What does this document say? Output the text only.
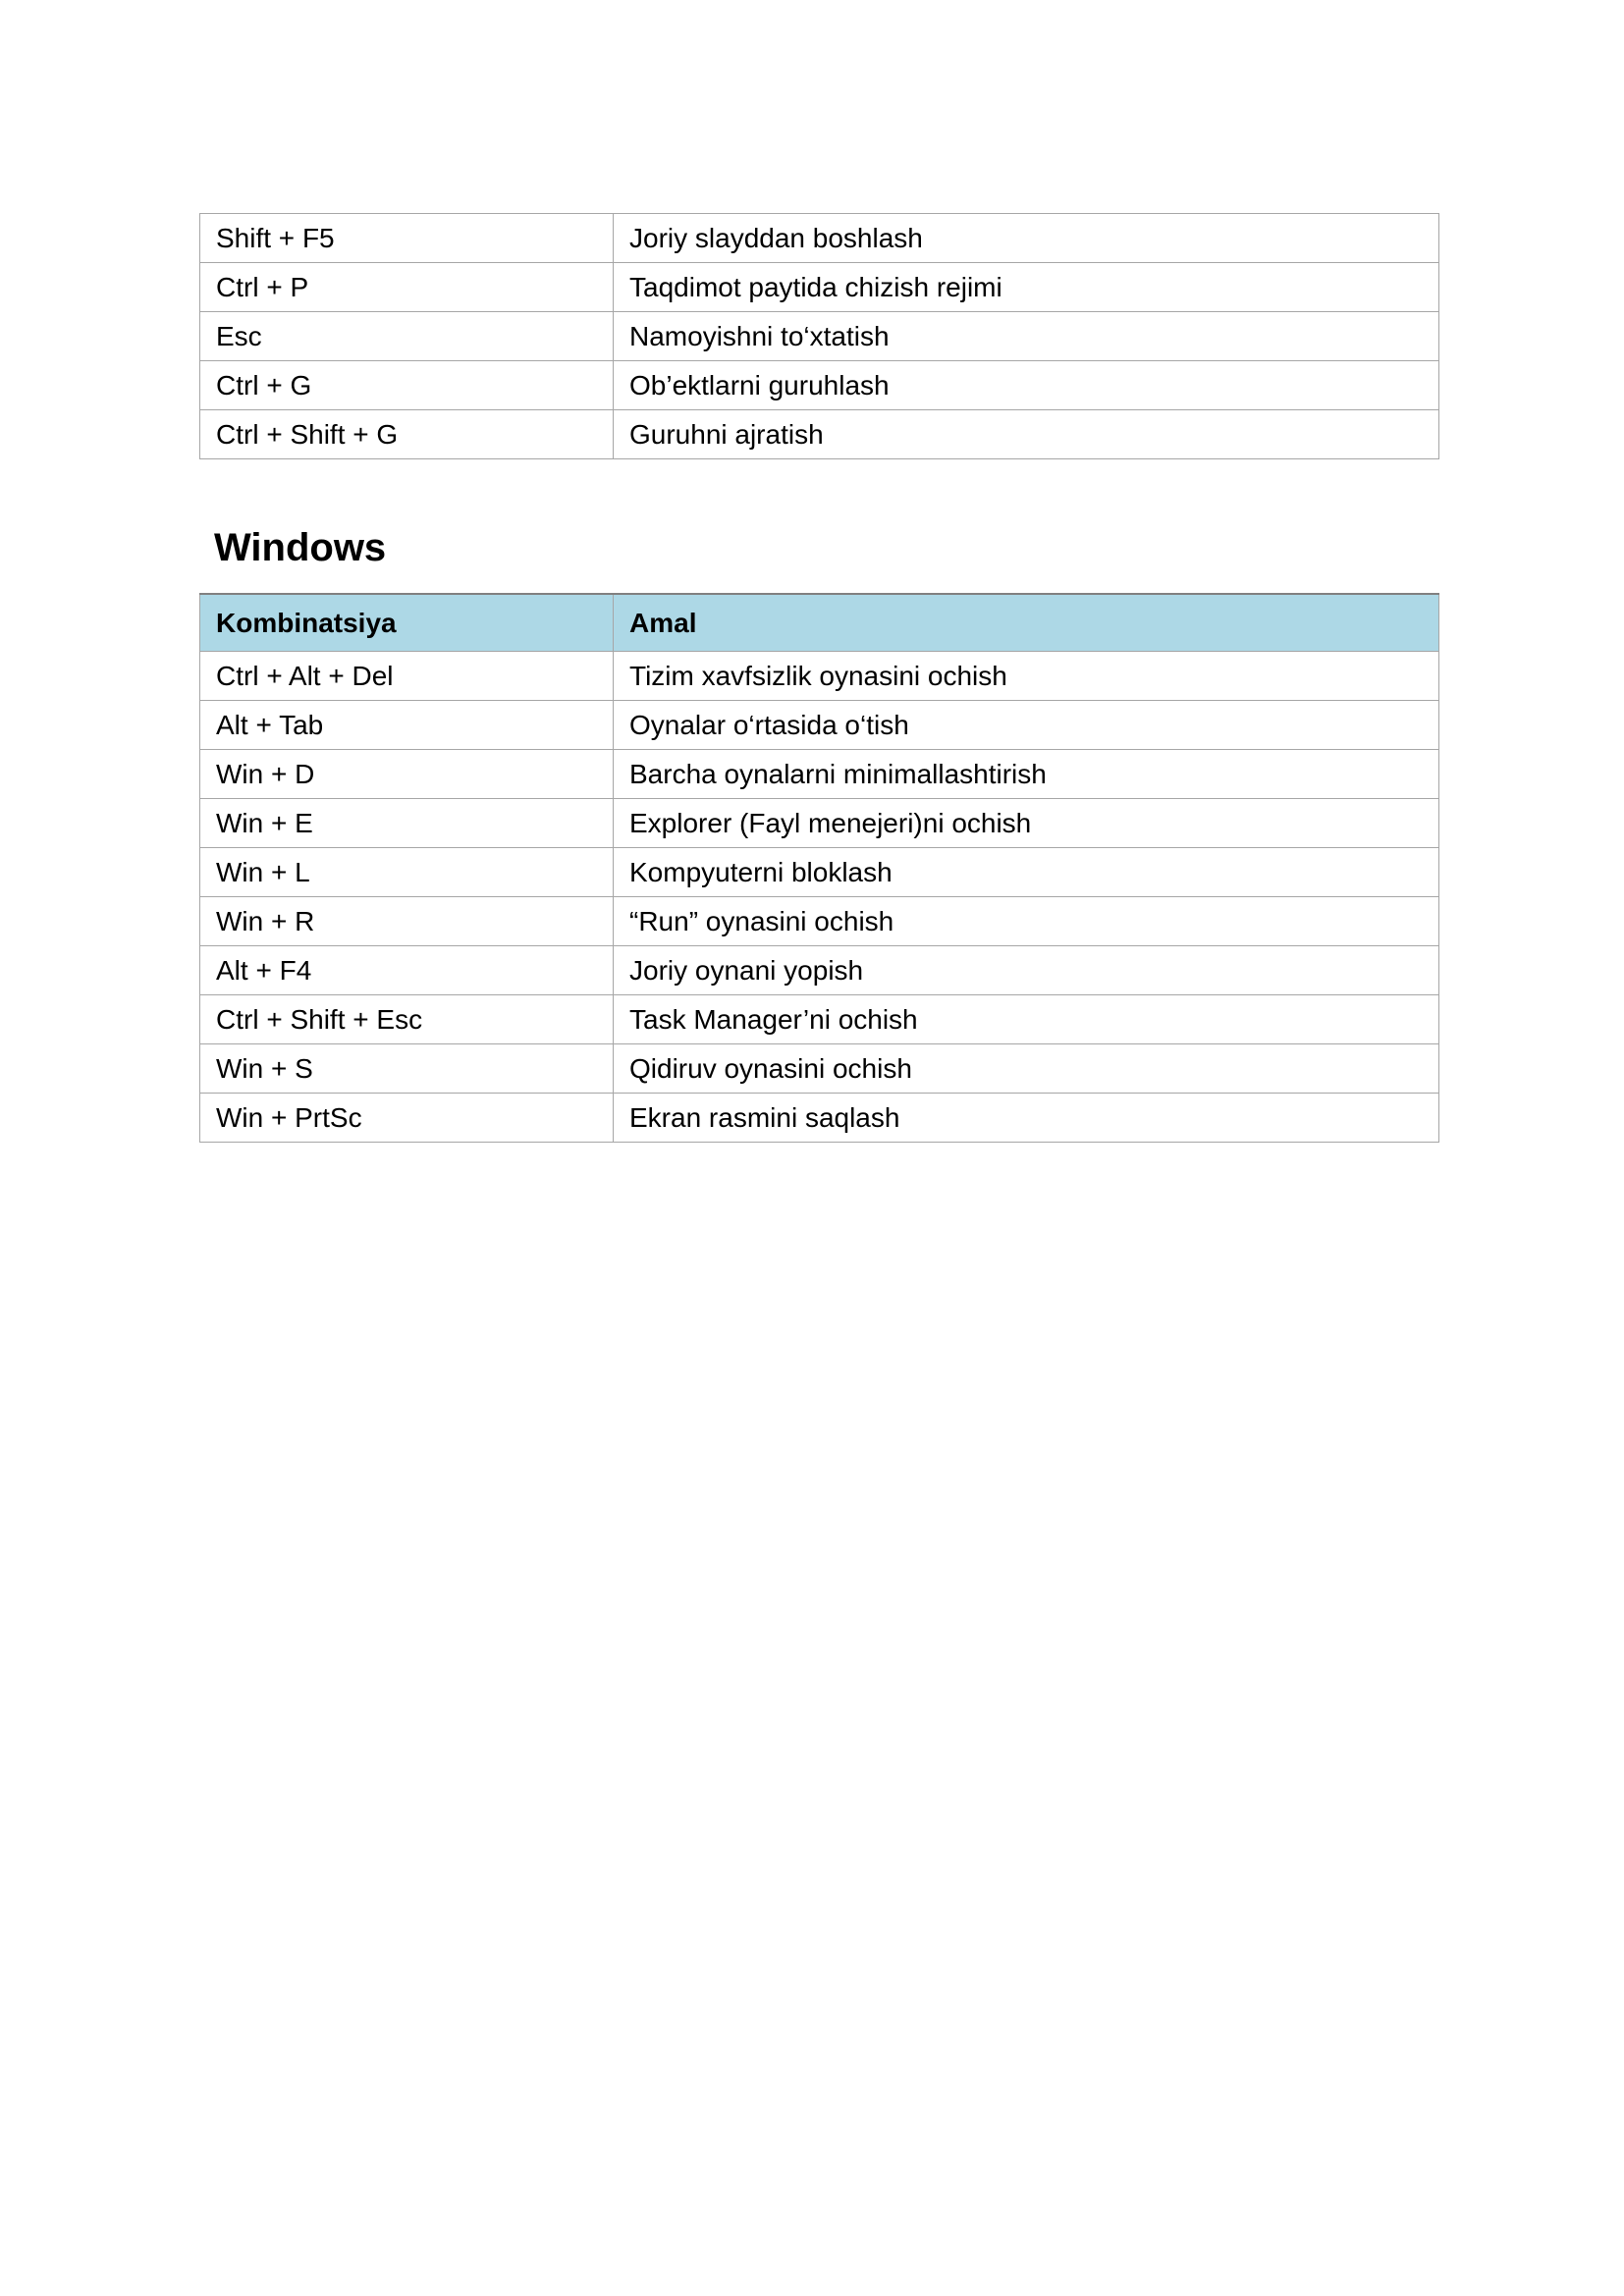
Shift + F5	Joriy slayddan boshlash
Ctrl + P	Taqdimot paytida chizish rejimi
Esc	Namoyishni to‘xtatish
Ctrl + G	Ob’ektlarni guruhlash
Ctrl + Shift + G	Guruhni ajratish
Windows
Kombinatsiya	Amal
Ctrl + Alt + Del	Tizim xavfsizlik oynasini ochish
Alt + Tab	Oynalar o‘rtasida o‘tish
Win + D	Barcha oynalarni minimallashtirish
Win + E	Explorer (Fayl menejeri)ni ochish
Win + L	Kompyuterni bloklash
Win + R	“Run” oynasini ochish
Alt + F4	Joriy oynani yopish
Ctrl + Shift + Esc	Task Manager’ni ochish
Win + S	Qidiruv oynasini ochish
Win + PrtSc	Ekran rasmini saqlash
